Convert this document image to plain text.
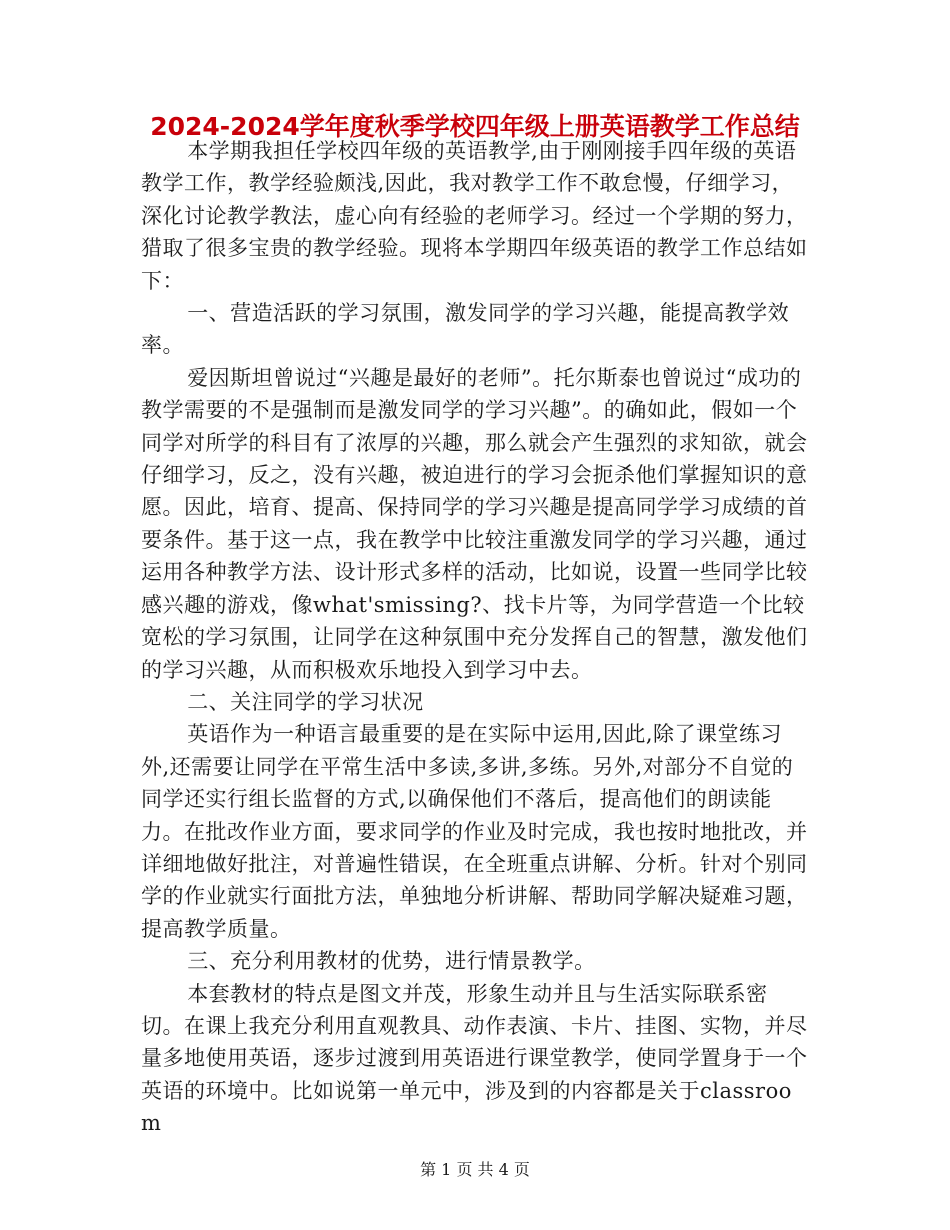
2024-2024学年度秋季学校四年级上册英语教学工作总结

本学期我担任学校四年级的英语教学,由于刚刚接手四年级的英语教学工作，教学经验颇浅,因此，我对教学工作不敢怠慢，仔细学习，深化讨论教学教法，虚心向有经验的老师学习。经过一个学期的努力，猎取了很多宝贵的教学经验。现将本学期四年级英语的教学工作总结如下：

一、营造活跃的学习氛围，激发同学的学习兴趣，能提高教学效率。

爱因斯坦曾说过“兴趣是最好的老师”。托尔斯泰也曾说过“成功的教学需要的不是强制而是激发同学的学习兴趣”。的确如此，假如一个同学对所学的科目有了浓厚的兴趣，那么就会产生强烈的求知欲，就会仔细学习，反之，没有兴趣，被迫进行的学习会扼杀他们掌握知识的意愿。因此，培育、提高、保持同学的学习兴趣是提高同学学习成绩的首要条件。基于这一点，我在教学中比较注重激发同学的学习兴趣，通过运用各种教学方法、设计形式多样的活动，比如说，设置一些同学比较感兴趣的游戏，像what'smissing?、找卡片等，为同学营造一个比较宽松的学习氛围，让同学在这种氛围中充分发挥自己的智慧，激发他们的学习兴趣，从而积极欢乐地投入到学习中去。

二、关注同学的学习状况

英语作为一种语言最重要的是在实际中运用,因此,除了课堂练习外,还需要让同学在平常生活中多读,多讲,多练。另外,对部分不自觉的同学还实行组长监督的方式,以确保他们不落后，提高他们的朗读能力。在批改作业方面，要求同学的作业及时完成，我也按时地批改，并详细地做好批注，对普遍性错误，在全班重点讲解、分析。针对个别同学的作业就实行面批方法，单独地分析讲解、帮助同学解决疑难习题，提高教学质量。

三、充分利用教材的优势，进行情景教学。

本套教材的特点是图文并茂，形象生动并且与生活实际联系密切。在课上我充分利用直观教具、动作表演、卡片、挂图、实物，并尽量多地使用英语，逐步过渡到用英语进行课堂教学，使同学置身于一个英语的环境中。比如说第一单元中，涉及到的内容都是关于classroom

第 1 页 共 4 页
